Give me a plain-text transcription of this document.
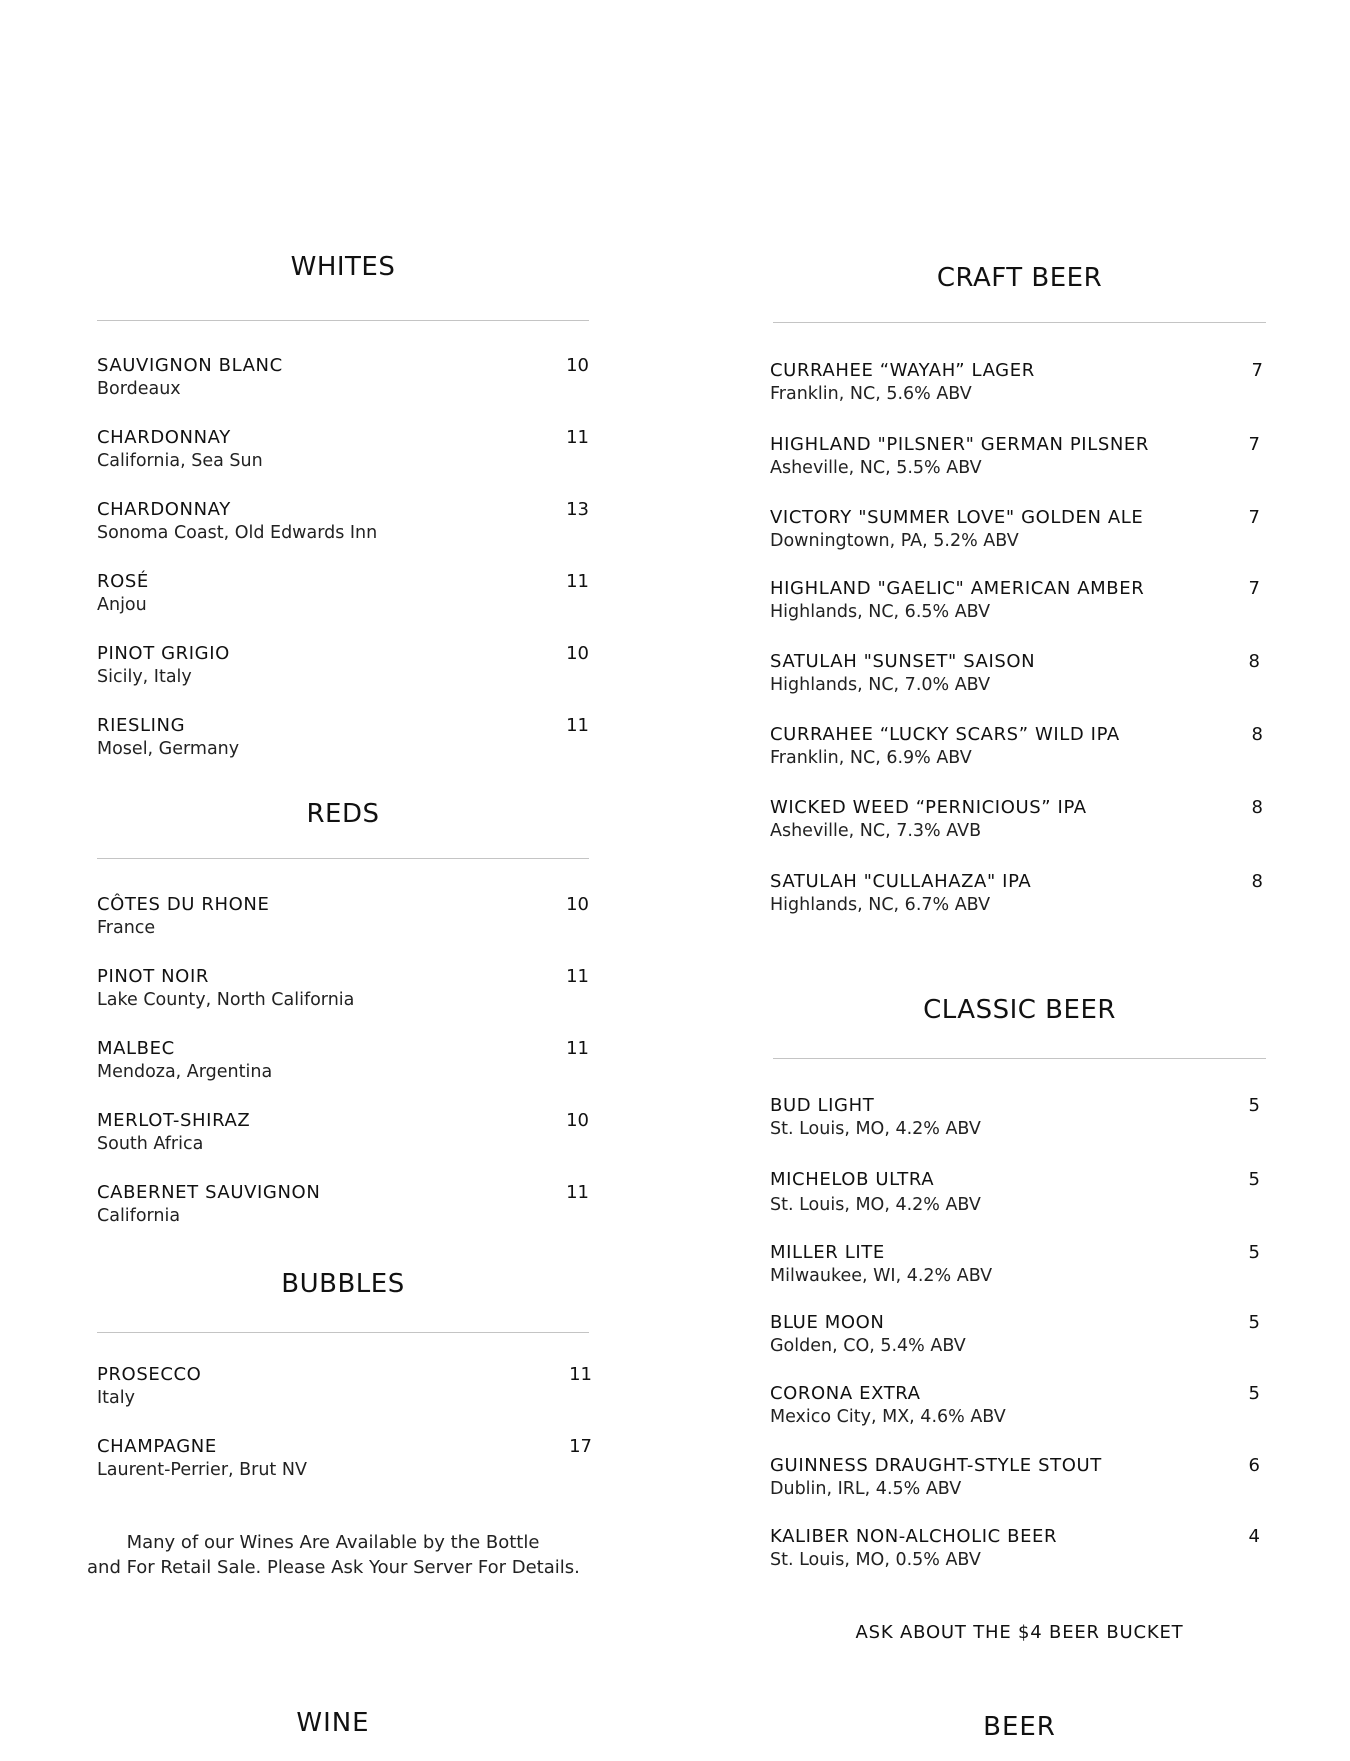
WHITES
SAUVIGNON BLANC	10
Bordeaux
CHARDONNAY	11
California, Sea Sun
CHARDONNAY	13
Sonoma Coast, Old Edwards Inn
ROSÉ	11
Anjou
PINOT GRIGIO	10
Sicily, Italy
RIESLING	11
Mosel, Germany
REDS
CÔTES DU RHONE	10
France
PINOT NOIR	11
Lake County, North California
MALBEC	11
Mendoza, Argentina
MERLOT-SHIRAZ	10
South Africa
CABERNET SAUVIGNON	11
California
BUBBLES
PROSECCO	11
Italy
CHAMPAGNE	17
Laurent-Perrier, Brut NV
Many of our Wines Are Available by the Bottle
and For Retail Sale. Please Ask Your Server For Details.
WINE
CRAFT BEER
CURRAHEE “WAYAH” LAGER	7
Franklin, NC, 5.6% ABV
HIGHLAND "PILSNER" GERMAN PILSNER	7
Asheville, NC, 5.5% ABV
VICTORY "SUMMER LOVE" GOLDEN ALE	7
Downingtown, PA, 5.2% ABV
HIGHLAND "GAELIC" AMERICAN AMBER	7
Highlands, NC, 6.5% ABV
SATULAH "SUNSET" SAISON	8
Highlands, NC, 7.0% ABV
CURRAHEE “LUCKY SCARS” WILD IPA	8
Franklin, NC, 6.9% ABV
WICKED WEED “PERNICIOUS” IPA	8
Asheville, NC, 7.3% AVB
SATULAH "CULLAHAZA" IPA	8
Highlands, NC, 6.7% ABV
CLASSIC BEER
BUD LIGHT	5
St. Louis, MO, 4.2% ABV
MICHELOB ULTRA	5
St. Louis, MO, 4.2% ABV
MILLER LITE	5
Milwaukee, WI, 4.2% ABV
BLUE MOON	5
Golden, CO, 5.4% ABV
CORONA EXTRA	5
Mexico City, MX, 4.6% ABV
GUINNESS DRAUGHT-STYLE STOUT	6
Dublin, IRL, 4.5% ABV
KALIBER NON-ALCHOLIC BEER	4
St. Louis, MO, 0.5% ABV
ASK ABOUT THE $4 BEER BUCKET
BEER
